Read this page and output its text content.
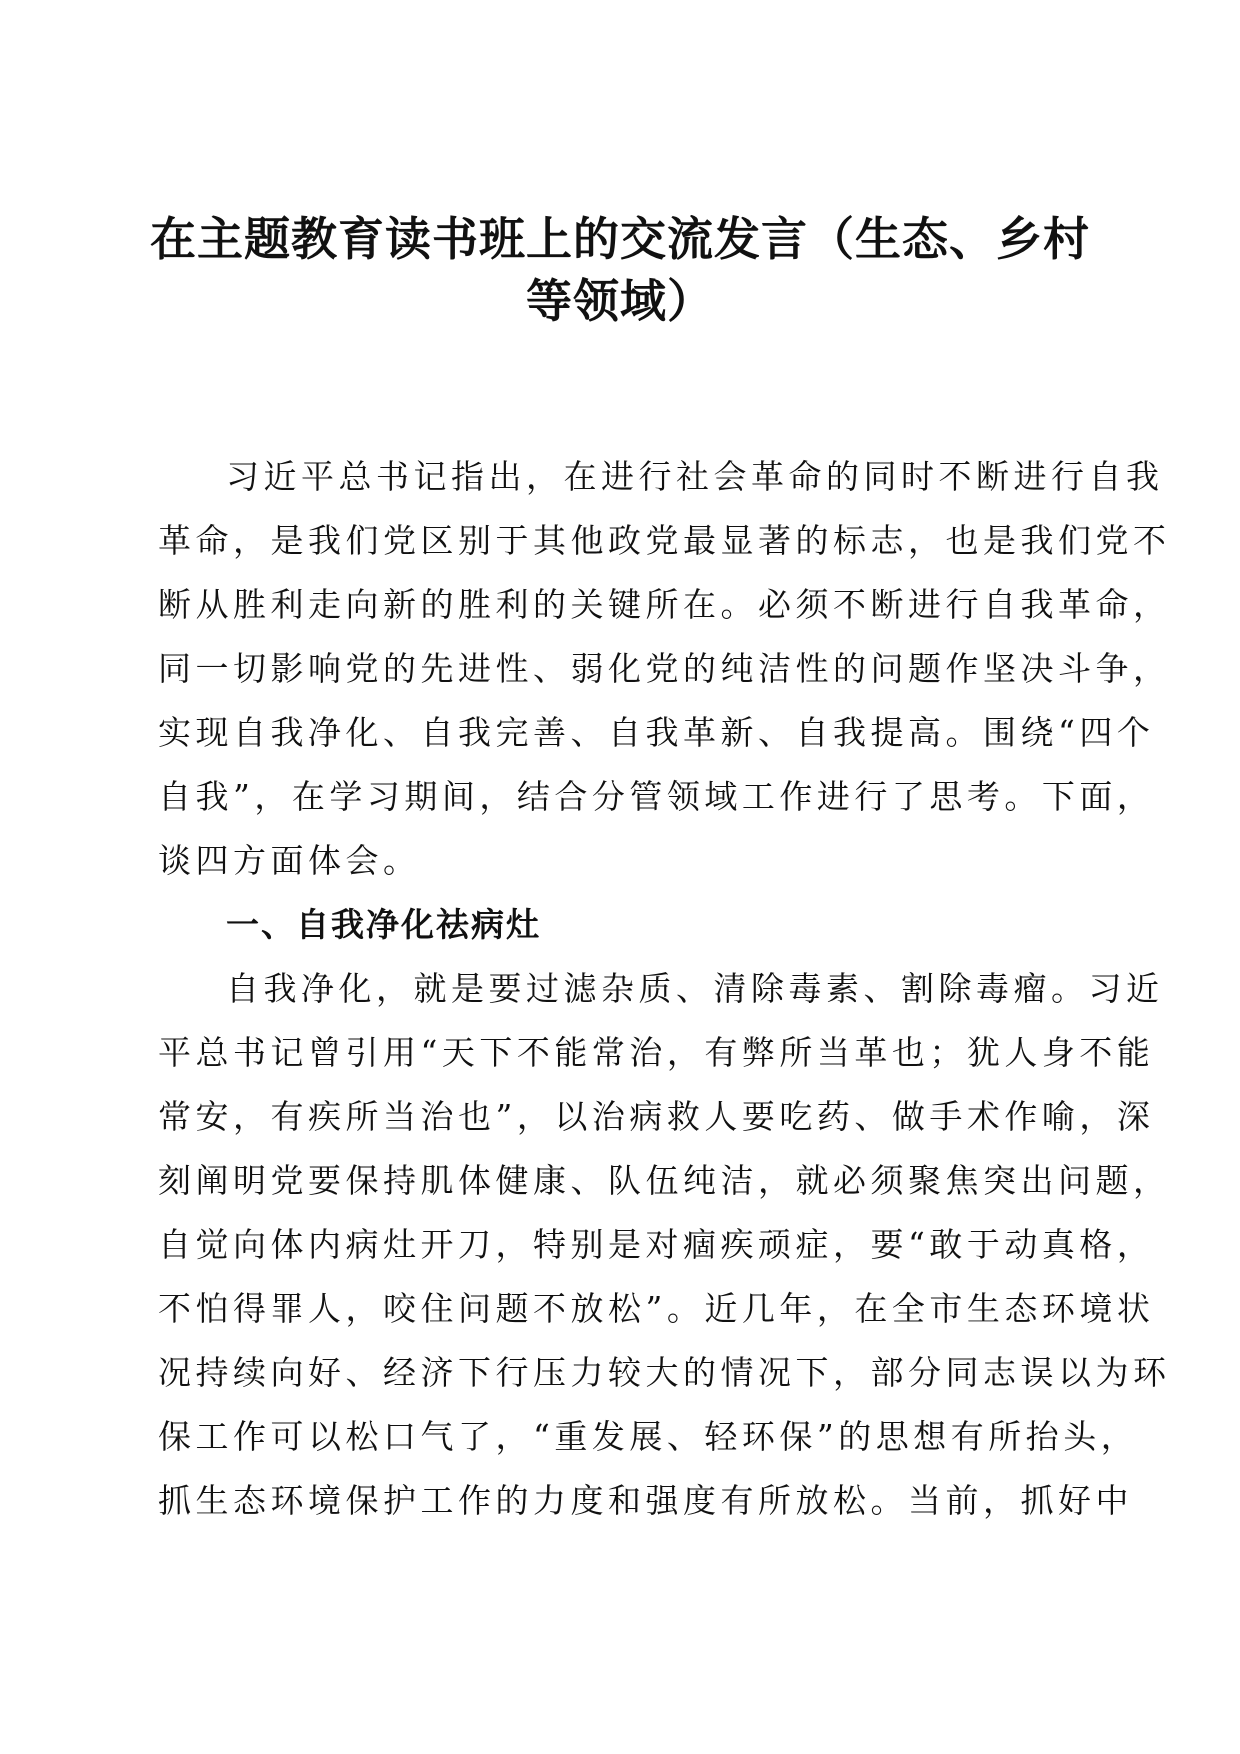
在主题教育读书班上的交流发言（生态、乡村
等领域）
习近平总书记指出，在进行社会革命的同时不断进行自我
革命，是我们党区别于其他政党最显著的标志，也是我们党不
断从胜利走向新的胜利的关键所在。必须不断进行自我革命，
同一切影响党的先进性、弱化党的纯洁性的问题作坚决斗争，
实现自我净化、自我完善、自我革新、自我提高。围绕“四个
自我”，在学习期间，结合分管领域工作进行了思考。下面，
谈四方面体会。
一、自我净化祛病灶
自我净化，就是要过滤杂质、清除毒素、割除毒瘤。习近
平总书记曾引用“天下不能常治，有弊所当革也；犹人身不能
常安，有疾所当治也”，以治病救人要吃药、做手术作喻，深
刻阐明党要保持肌体健康、队伍纯洁，就必须聚焦突出问题，
自觉向体内病灶开刀，特别是对痼疾顽症，要“敢于动真格，
不怕得罪人，咬住问题不放松”。近几年，在全市生态环境状
况持续向好、经济下行压力较大的情况下，部分同志误以为环
保工作可以松口气了，“重发展、轻环保”的思想有所抬头，
抓生态环境保护工作的力度和强度有所放松。当前，抓好中
